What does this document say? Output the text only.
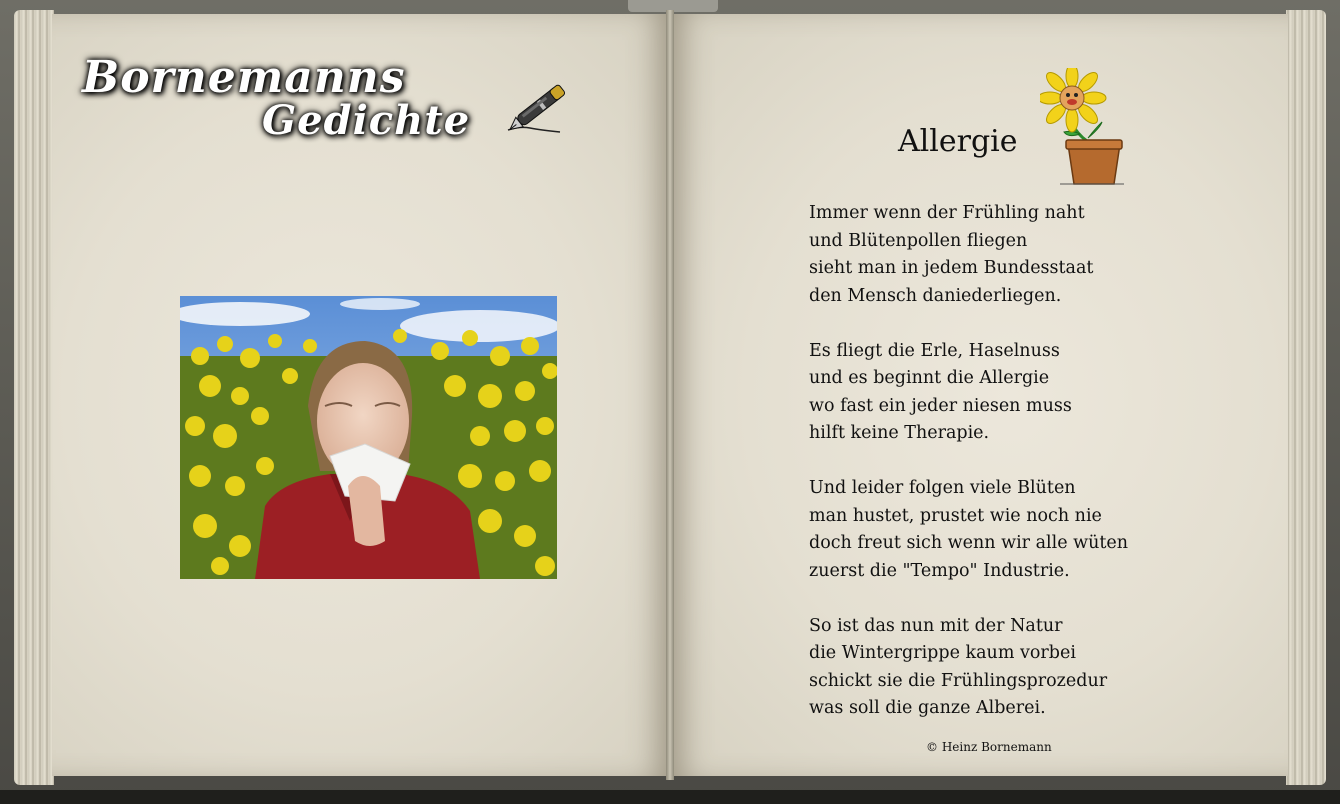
Bornemanns
Gedichte	Allergie
Immer wenn der Frühling naht
und Blütenpollen fliegen
sieht man in jedem Bundesstaat
den Mensch daniederliegen.
Es fliegt die Erle, Haselnuss
und es beginnt die Allergie
wo fast ein jeder niesen muss
hilft keine Therapie.
Und leider folgen viele Blüten
man hustet, prustet wie noch nie
doch freut sich wenn wir alle wüten
zuerst die "Tempo" Industrie.
So ist das nun mit der Natur
die Wintergrippe kaum vorbei
schickt sie die Frühlingsprozedur
was soll die ganze Alberei.
© Heinz Bornemann
